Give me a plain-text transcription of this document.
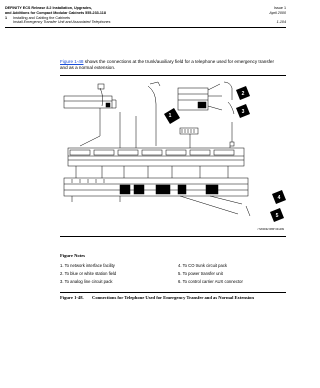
DEFINITY ECS Release 8.2 Installation, Upgrades,
and Additions for Compact Modular Cabinets 555-233-118
Issue 1
April 2000
1 Installing and Cabling the Cabinets
Install Emergency Transfer Unit and Associated Telephones	1-104
Figure 1-48 shows the connections at the trunk/auxiliary field for a telephone used for emergency transfer and as a normal extension.
1
2
3
4
5
r7200032 RBP 041499
Figure Notes
1. To network interface facility
2. To blue or white station field
3. To analog line circuit pack
4. To CO trunk circuit pack
5. To power transfer unit
6. To control carrier AUX connector
Figure 1-48. Connections for Telephone Used for Emergency Transfer and as Normal Extension
